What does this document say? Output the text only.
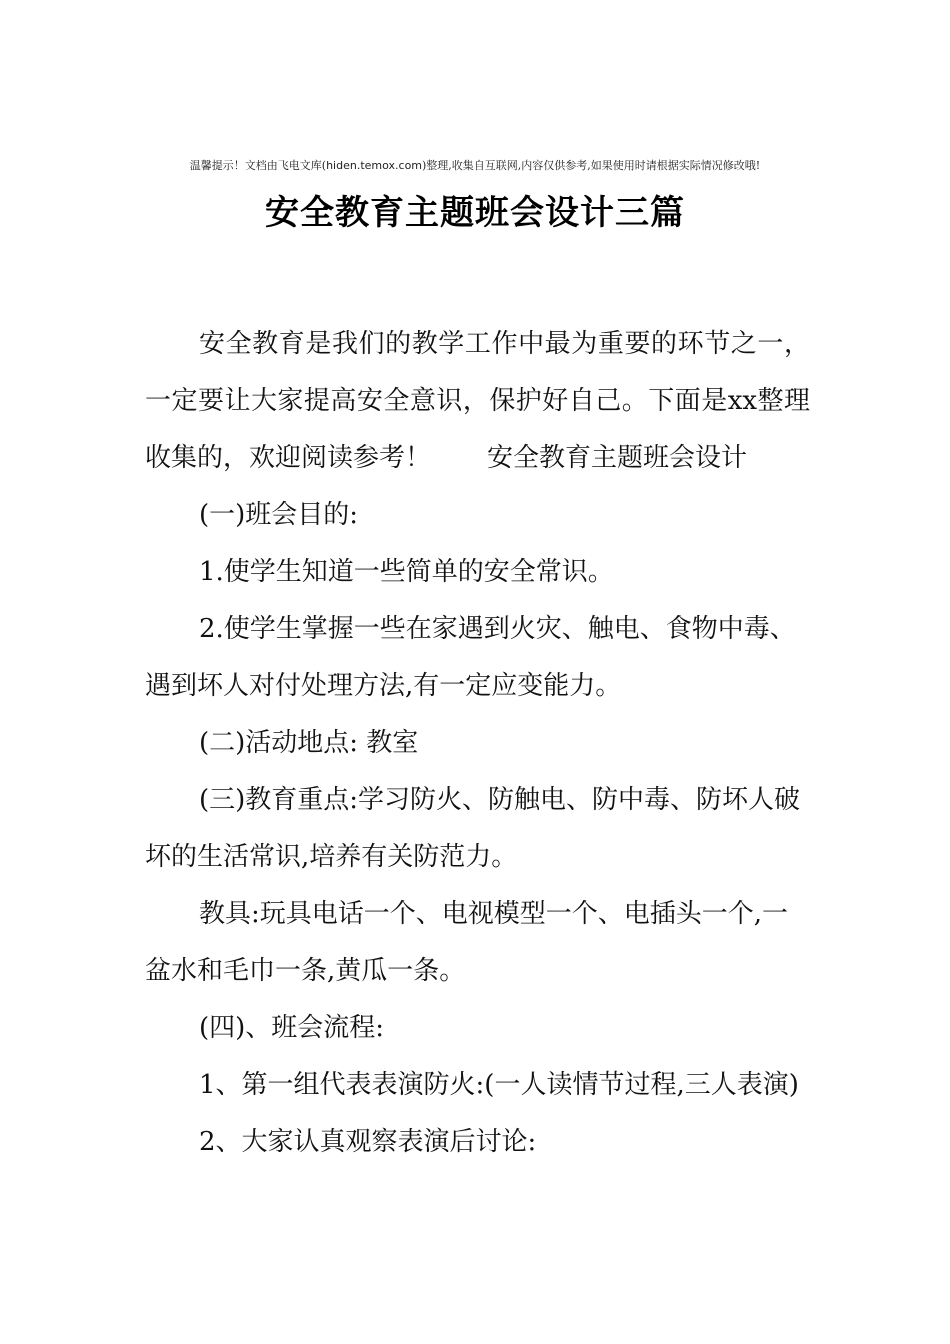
温馨提示！文档由飞电文库(hiden.temox.com)整理,收集自互联网,内容仅供参考,如果使用时请根据实际情况修改哦!
安全教育主题班会设计三篇

安全教育是我们的教学工作中最为重要的环节之一，一定要让大家提高安全意识，保护好自己。下面是xx整理收集的，欢迎阅读参考！ 安全教育主题班会设计

(一)班会目的:

1.使学生知道一些简单的安全常识。

2.使学生掌握一些在家遇到火灾、触电、食物中毒、遇到坏人对付处理方法,有一定应变能力。

(二)活动地点: 教室

(三)教育重点:学习防火、防触电、防中毒、防坏人破坏的生活常识,培养有关防范力。

教具:玩具电话一个、电视模型一个、电插头一个,一盆水和毛巾一条,黄瓜一条。

(四)、班会流程:

1、第一组代表表演防火:(一人读情节过程,三人表演)

2、大家认真观察表演后讨论:
